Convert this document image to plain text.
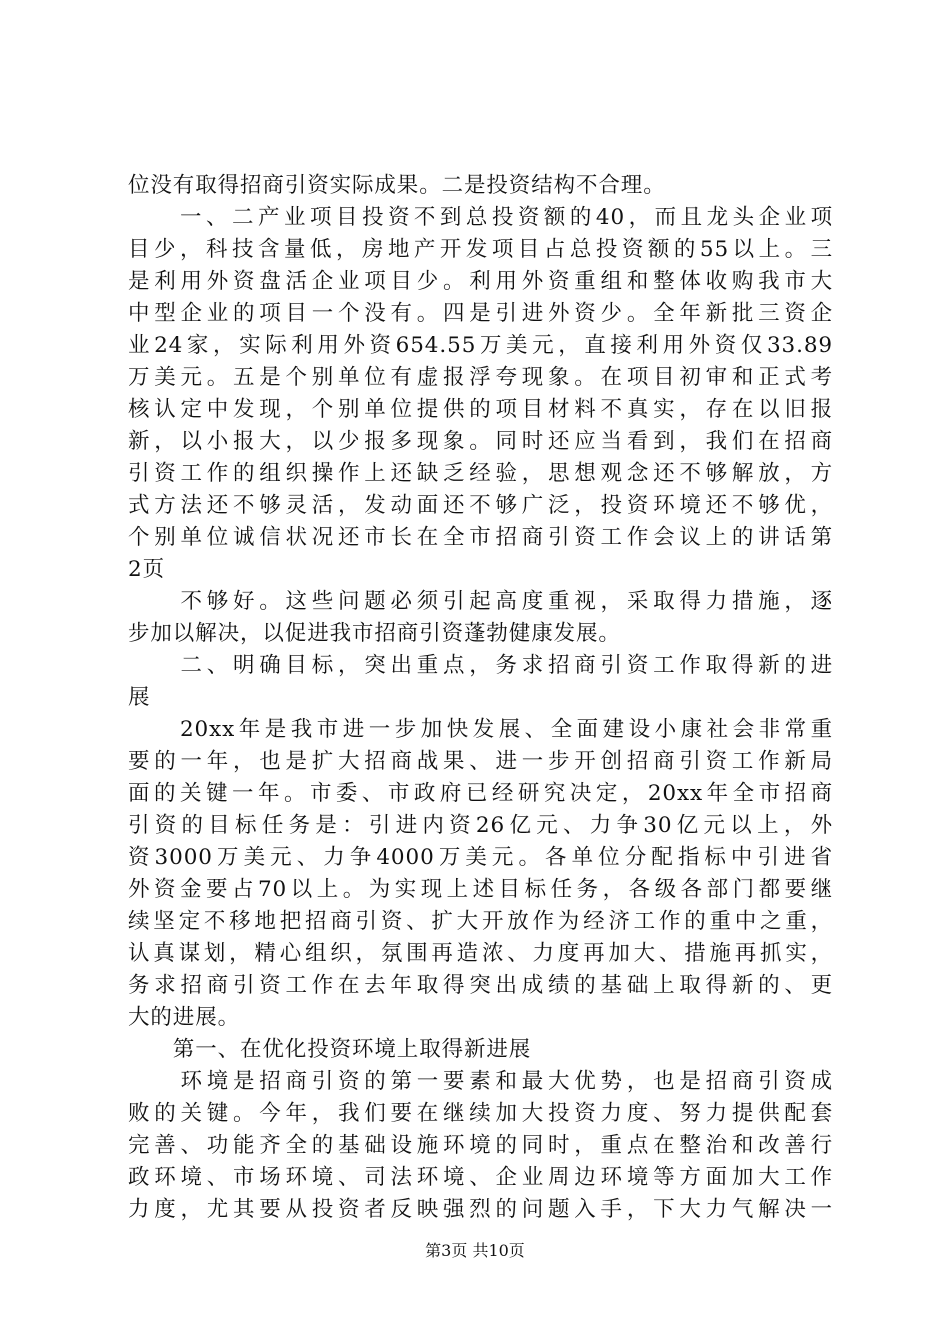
位没有取得招商引资实际成果。二是投资结构不合理。
　　一、二产业项目投资不到总投资额的40，而且龙头企业项
目少，科技含量低，房地产开发项目占总投资额的55以上。三
是利用外资盘活企业项目少。利用外资重组和整体收购我市大
中型企业的项目一个没有。四是引进外资少。全年新批三资企
业24家，实际利用外资654.55万美元，直接利用外资仅33.89
万美元。五是个别单位有虚报浮夸现象。在项目初审和正式考
核认定中发现，个别单位提供的项目材料不真实，存在以旧报
新，以小报大，以少报多现象。同时还应当看到，我们在招商
引资工作的组织操作上还缺乏经验，思想观念还不够解放，方
式方法还不够灵活，发动面还不够广泛，投资环境还不够优，
个别单位诚信状况还市长在全市招商引资工作会议上的讲话第
2页
　　不够好。这些问题必须引起高度重视，采取得力措施，逐
步加以解决，以促进我市招商引资蓬勃健康发展。
　　二、明确目标，突出重点，务求招商引资工作取得新的进
展
　　20xx年是我市进一步加快发展、全面建设小康社会非常重
要的一年，也是扩大招商战果、进一步开创招商引资工作新局
面的关键一年。市委、市政府已经研究决定，20xx年全市招商
引资的目标任务是：引进内资26亿元、力争30亿元以上，外
资3000万美元、力争4000万美元。各单位分配指标中引进省
外资金要占70以上。为实现上述目标任务，各级各部门都要继
续坚定不移地把招商引资、扩大开放作为经济工作的重中之重，
认真谋划，精心组织，氛围再造浓、力度再加大、措施再抓实，
务求招商引资工作在去年取得突出成绩的基础上取得新的、更
大的进展。
　　第一、在优化投资环境上取得新进展
　　环境是招商引资的第一要素和最大优势，也是招商引资成
败的关键。今年，我们要在继续加大投资力度、努力提供配套
完善、功能齐全的基础设施环境的同时，重点在整治和改善行
政环境、市场环境、司法环境、企业周边环境等方面加大工作
力度，尤其要从投资者反映强烈的问题入手，下大力气解决一
第3页 共10页
